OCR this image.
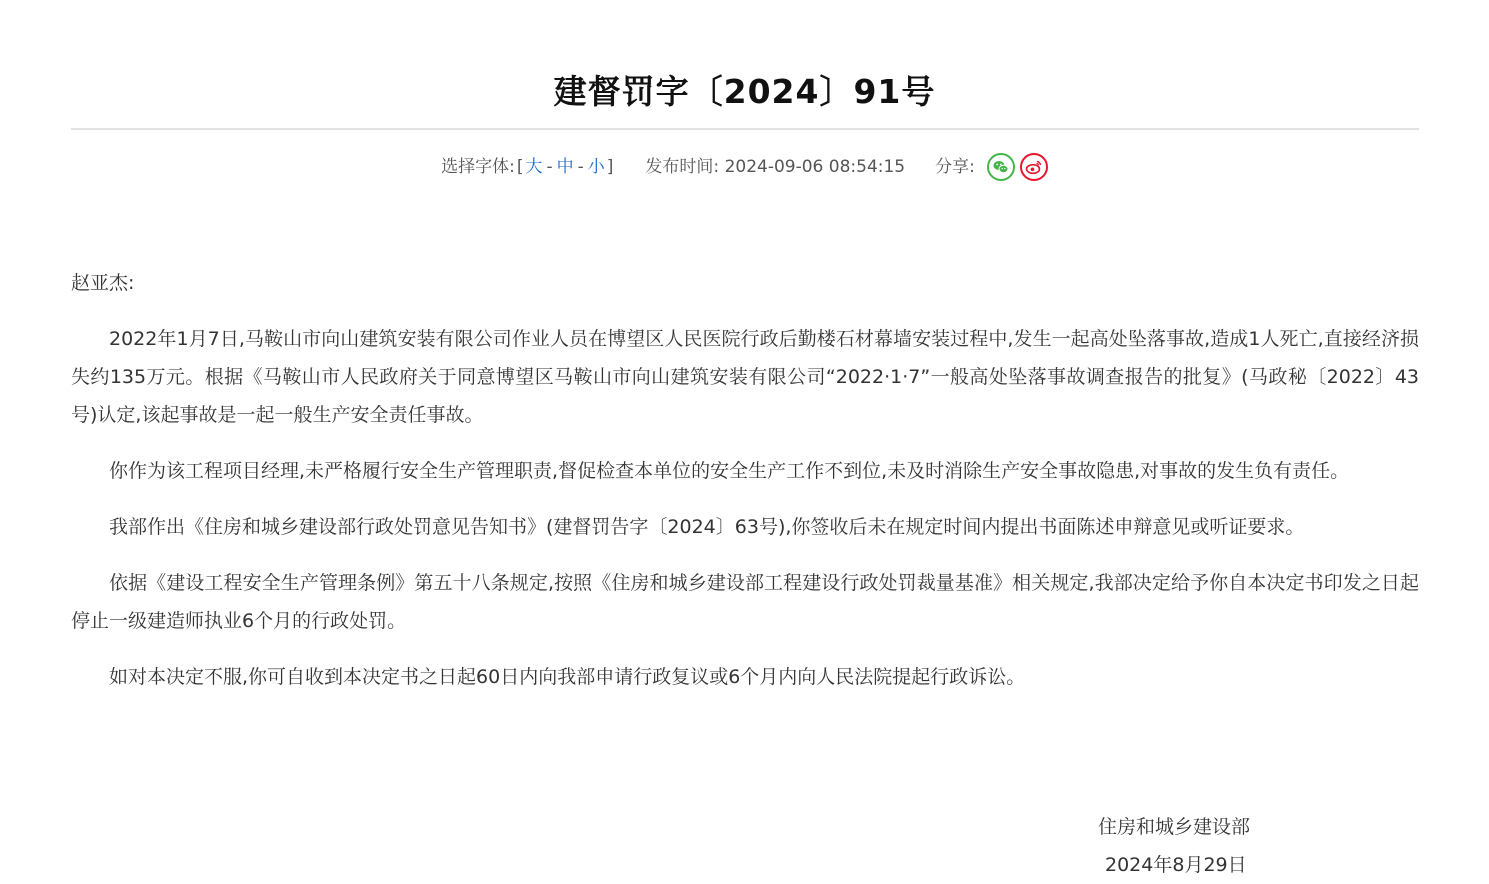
建督罚字〔2024〕91号
选择字体: [ 大 - 中 - 小 ] 发布时间: 2024-09-06 08:54:15 分享:

赵亚杰:

2022年1月7日,马鞍山市向山建筑安装有限公司作业人员在博望区人民医院行政后勤楼石材幕墙安装过程中,发生一起高处坠落事故,造成1人死亡,直接经济损失约135万元。根据《马鞍山市人民政府关于同意博望区马鞍山市向山建筑安装有限公司“2022·1·7”一般高处坠落事故调查报告的批复》(马政秘〔2022〕43号)认定,该起事故是一起一般生产安全责任事故。

你作为该工程项目经理,未严格履行安全生产管理职责,督促检查本单位的安全生产工作不到位,未及时消除生产安全事故隐患,对事故的发生负有责任。

我部作出《住房和城乡建设部行政处罚意见告知书》(建督罚告字〔2024〕63号),你签收后未在规定时间内提出书面陈述申辩意见或听证要求。

依据《建设工程安全生产管理条例》第五十八条规定,按照《住房和城乡建设部工程建设行政处罚裁量基准》相关规定,我部决定给予你自本决定书印发之日起停止一级建造师执业6个月的行政处罚。

如对本决定不服,你可自收到本决定书之日起60日内向我部申请行政复议或6个月内向人民法院提起行政诉讼。

住房和城乡建设部
2024年8月29日
